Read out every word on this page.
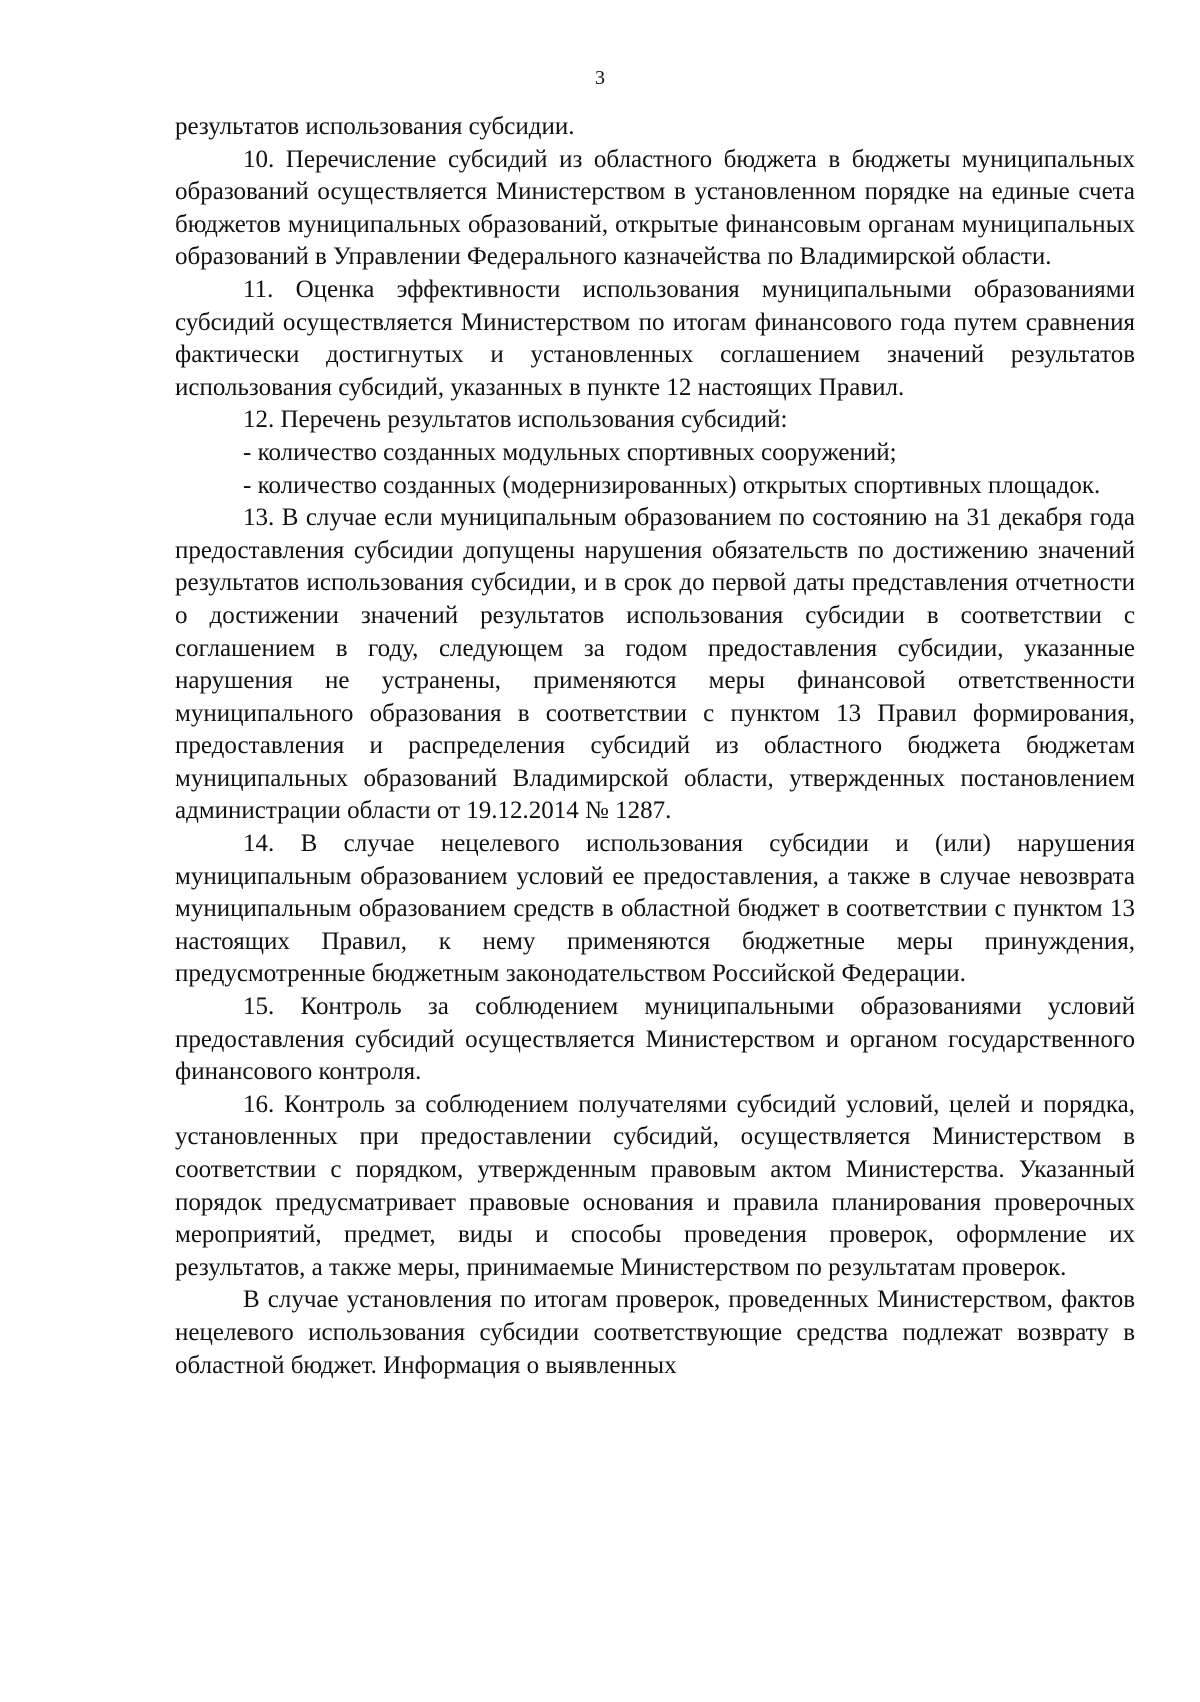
3

результатов использования субсидии.

10. Перечисление субсидий из областного бюджета в бюджеты муниципальных образований осуществляется Министерством в установленном порядке на единые счета бюджетов муниципальных образований, открытые финансовым органам муниципальных образований в Управлении Федерального казначейства по Владимирской области.

11. Оценка эффективности использования муниципальными образованиями субсидий осуществляется Министерством по итогам финансового года путем сравнения фактически достигнутых и установленных соглашением значений результатов использования субсидий, указанных в пункте 12 настоящих Правил.

12. Перечень результатов использования субсидий:

- количество созданных модульных спортивных сооружений;

- количество созданных (модернизированных) открытых спортивных площадок.

13. В случае если муниципальным образованием по состоянию на 31 декабря года предоставления субсидии допущены нарушения обязательств по достижению значений результатов использования субсидии, и в срок до первой даты представления отчетности о достижении значений результатов использования субсидии в соответствии с соглашением в году, следующем за годом предоставления субсидии, указанные нарушения не устранены, применяются меры финансовой ответственности муниципального образования в соответствии с пунктом 13 Правил формирования, предоставления и распределения субсидий из областного бюджета бюджетам муниципальных образований Владимирской области, утвержденных постановлением администрации области от 19.12.2014 № 1287.

14. В случае нецелевого использования субсидии и (или) нарушения муниципальным образованием условий ее предоставления, а также в случае невозврата муниципальным образованием средств в областной бюджет в соответствии с пунктом 13 настоящих Правил, к нему применяются бюджетные меры принуждения, предусмотренные бюджетным законодательством Российской Федерации.

15. Контроль за соблюдением муниципальными образованиями условий предоставления субсидий осуществляется Министерством и органом государственного финансового контроля.

16. Контроль за соблюдением получателями субсидий условий, целей и порядка, установленных при предоставлении субсидий, осуществляется Министерством в соответствии с порядком, утвержденным правовым актом Министерства. Указанный порядок предусматривает правовые основания и правила планирования проверочных мероприятий, предмет, виды и способы проведения проверок, оформление их результатов, а также меры, принимаемые Министерством по результатам проверок.

В случае установления по итогам проверок, проведенных Министерством, фактов нецелевого использования субсидии соответствующие средства подлежат возврату в областной бюджет. Информация о выявленных
